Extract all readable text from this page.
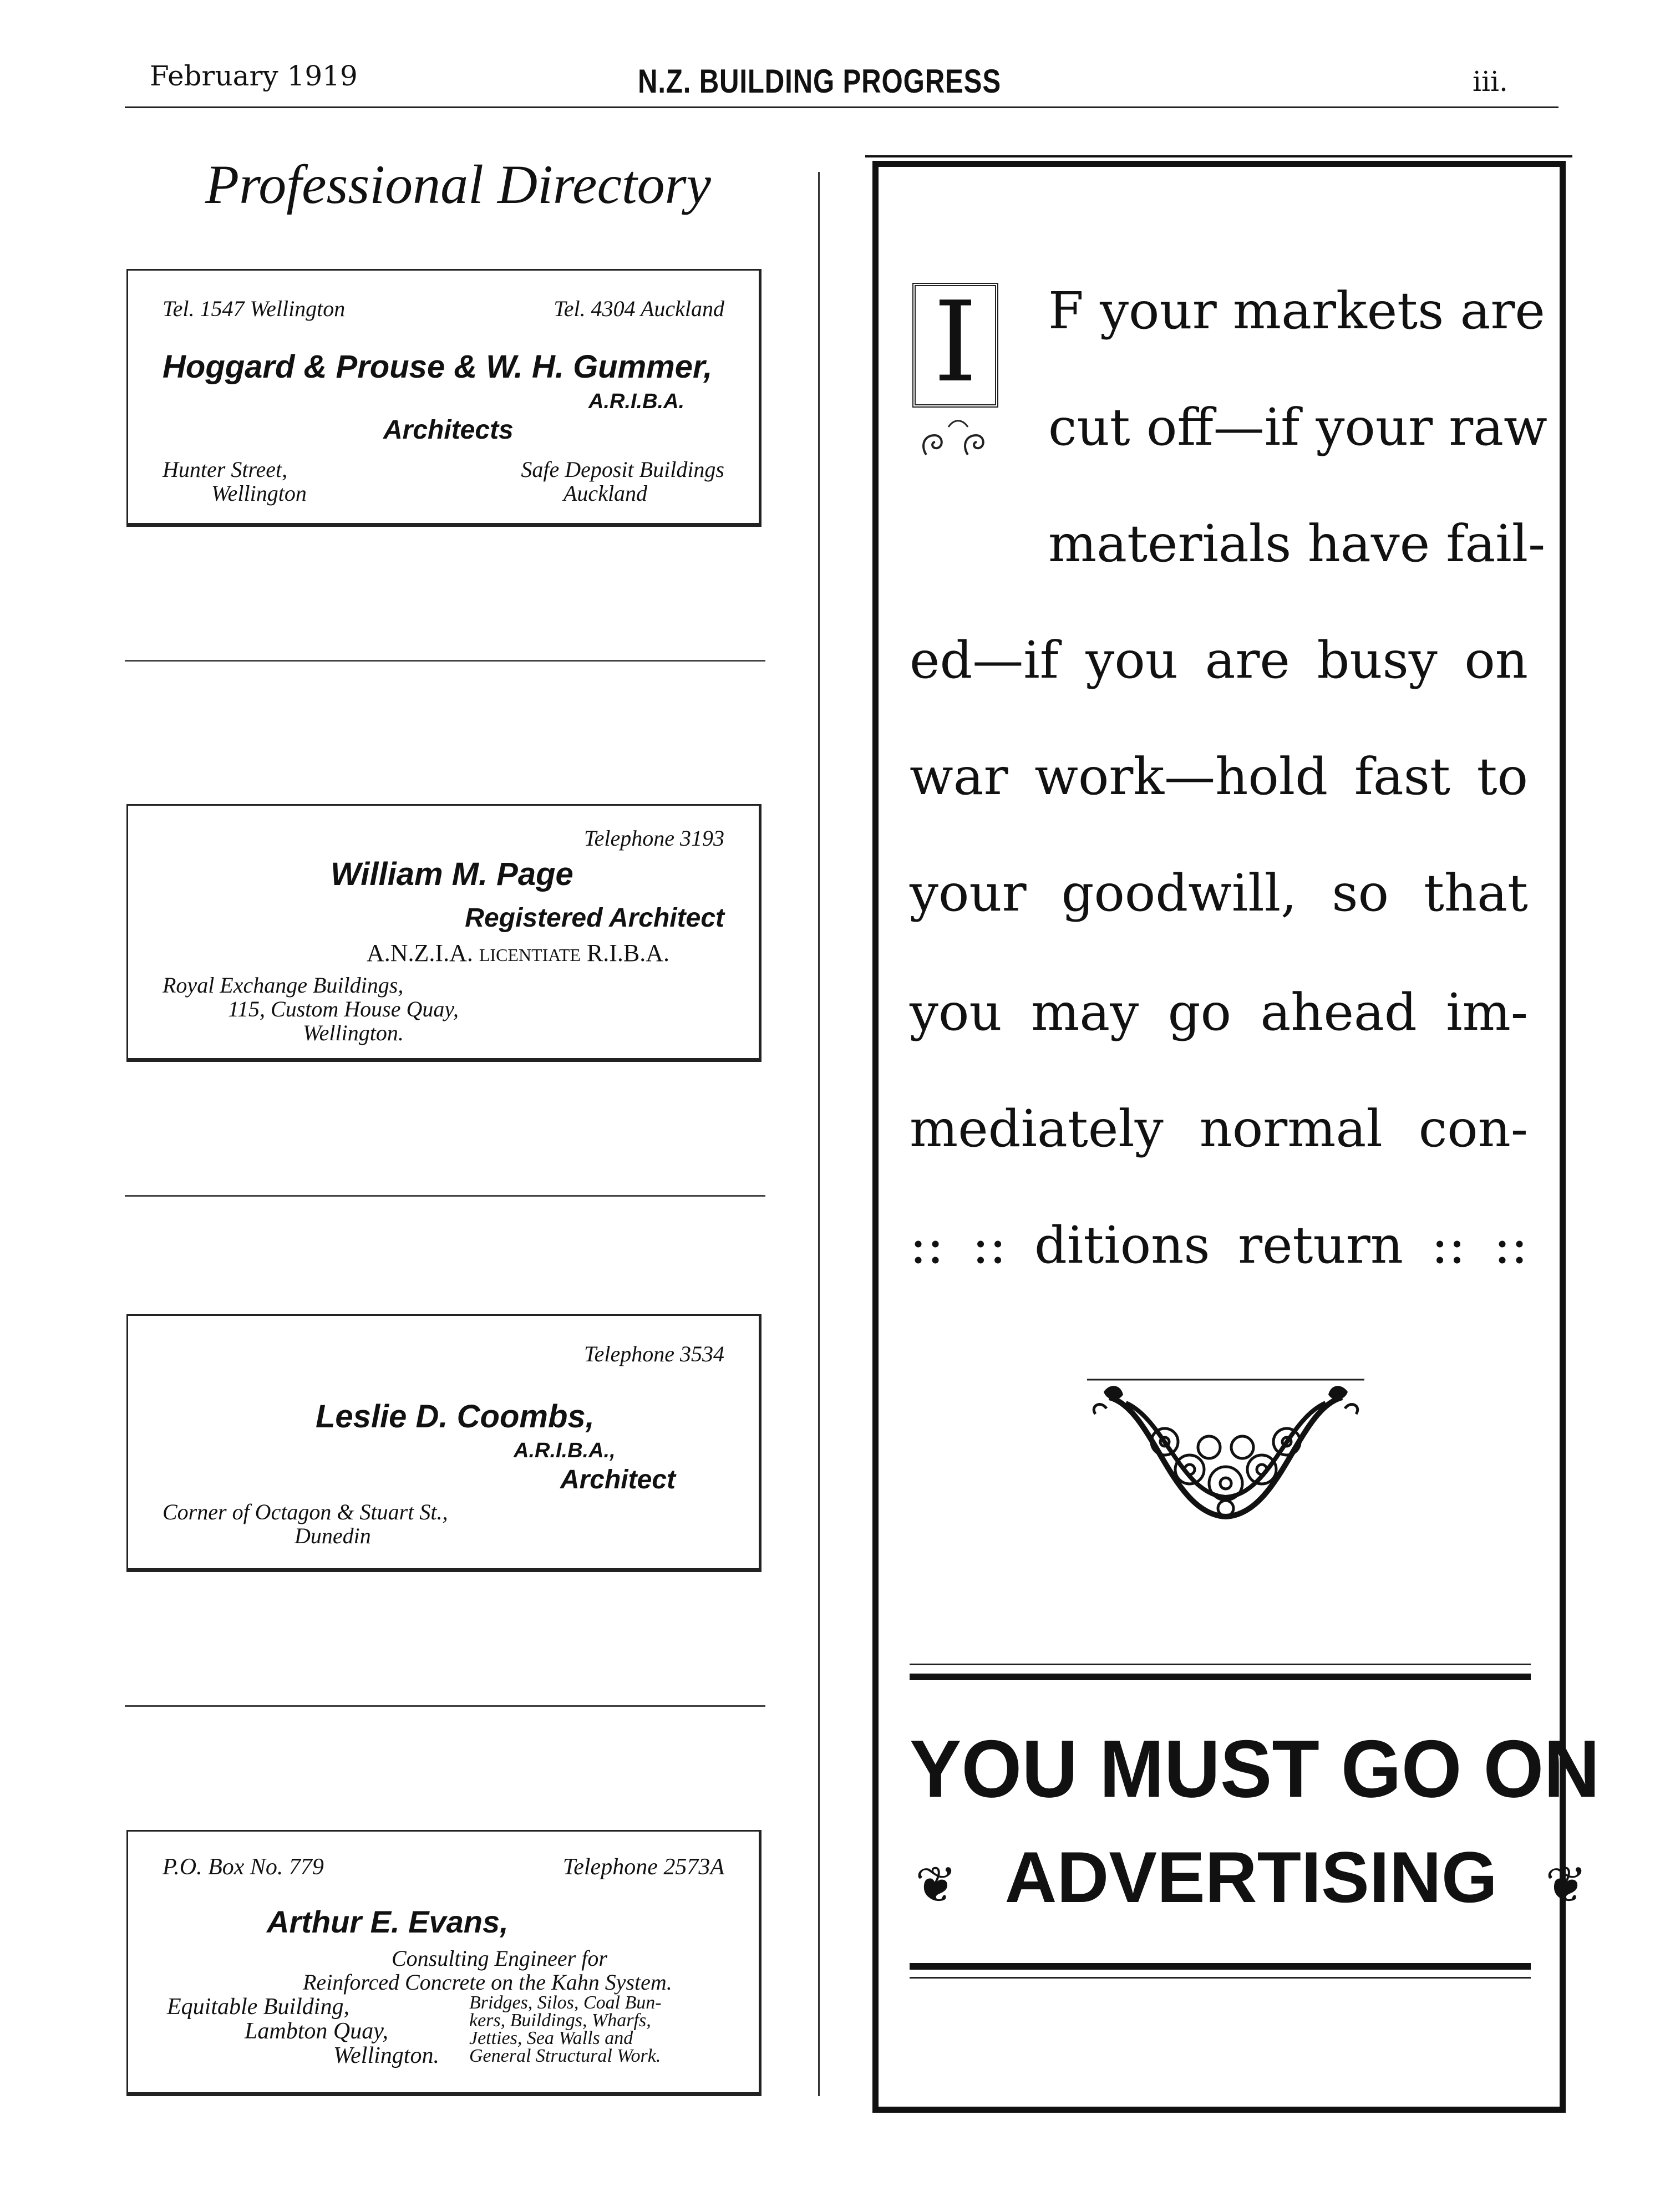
February 1919	N.Z. BUILDING PROGRESS	iii.
Professional Directory
Tel. 1547 Wellington	Tel. 4304 Auckland
Hoggard & Prouse & W. H. Gummer,
A.R.I.B.A.
Architects
Hunter Street,
Wellington
Safe Deposit Buildings
Auckland
Telephone 3193
William M. Page
Registered Architect
A.N.Z.I.A. LICENTIATE R.I.B.A.
Royal Exchange Buildings,
115, Custom House Quay,
Wellington.
Telephone 3534
Leslie D. Coombs,
A.R.I.B.A.,
Architect
Corner of Octagon & Stuart St.,
Dunedin
P.O. Box No. 779	Telephone 2573A
Arthur E. Evans,
Consulting Engineer for
Reinforced Concrete on the Kahn System.
Equitable Building,
Lambton Quay,
Wellington.
Bridges, Silos, Coal Bun-
kers, Buildings, Wharfs,
Jetties, Sea Walls and
General Structural Work.
I	F your markets are
cut off—if your raw
materials have fail-
ed—if you are busy on
war work—hold fast to
your goodwill, so that
you may go ahead im-
mediately normal con-
:: :: ditions return :: ::
YOU MUST GO ON
❦ ADVERTISING ❦
